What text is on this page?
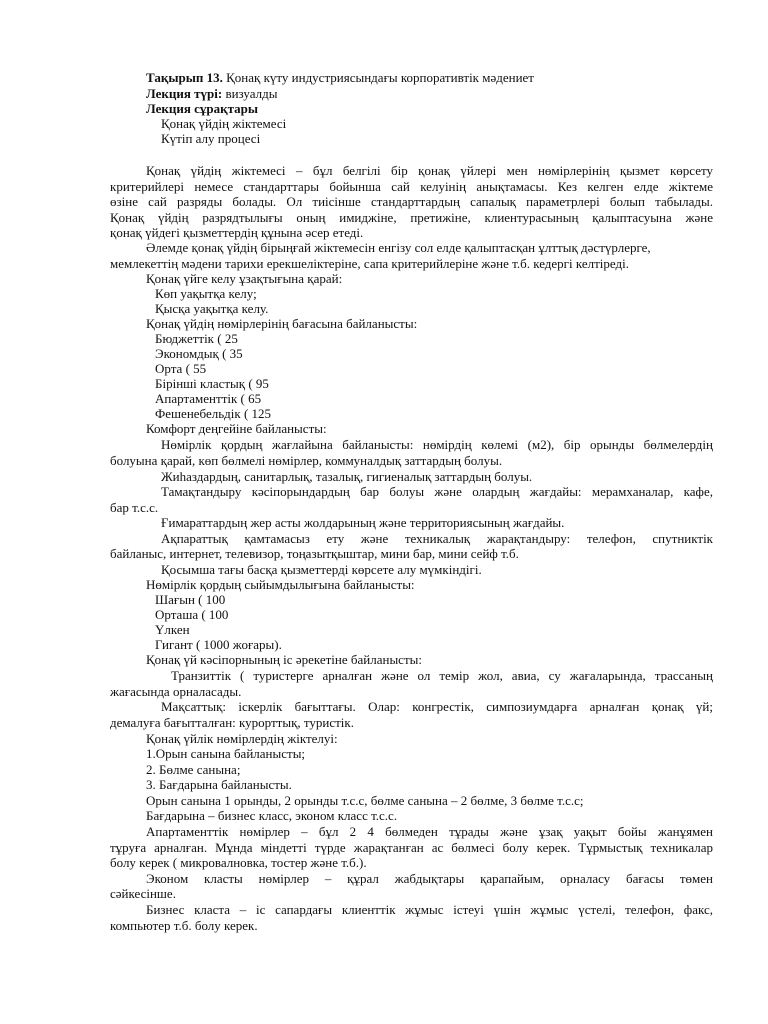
Тақырып 13. Қонақ күту индустриясындағы корпоративтік мәдениет
Лекция түрі: визуалды
Лекция сұрақтары
Қонақ үйдің жіктемесі
Күтіп алу процесі
Қонақ үйдің жіктемесі – бұл белгілі бір қонақ үйлері мен нөмірлерінің қызмет көрсету
критерийлері немесе стандарттары бойынша сай келуінің анықтамасы. Кез келген елде жіктеме
өзіне сай разряды болады. Ол тиісінше стандарттардың сапалық параметрлері болып табылады.
Қонақ үйдің разрядтылығы оның имиджіне, претижіне, клиентурасының қалыптасуына және
қонақ үйдегі қызметтердің құнына әсер етеді.
Әлемде қонақ үйдің бірыңғай жіктемесін енгізу сол елде қалыптасқан ұлттық дәстүрлерге,
мемлекеттің мәдени тарихи ерекшеліктеріне, сапа критерийлеріне және т.б. кедергі келтіреді.
Қонақ үйге келу ұзақтығына қарай:
Көп уақытқа келу;
Қысқа уақытқа келу.
Қонақ үйдің нөмірлерінің бағасына байланысты:
Бюджеттік ( 25
Экономдық ( 35
Орта ( 55
Бірінші кластық ( 95
Апартаменттік ( 65
Фешенебельдік ( 125
Комфорт деңгейіне байланысты:
Нөмірлік қордың жағлайына байланысты: нөмірдің көлемі (м2), бір орынды бөлмелердің
болуына қарай, көп бөлмелі нөмірлер, коммуналдық заттардың болуы.
Жиһаздардың, санитарлық, тазалық, гигиеналық заттардың болуы.
Тамақтандыру кәсіпорындардың бар болуы және олардың жағдайы: мерамханалар, кафе,
бар т.с.с.
Ғимараттардың жер асты жолдарының және территориясының жағдайы.
Ақпараттық қамтамасыз ету және техникалық жарақтандыру: телефон, спутниктік
байланыс, интернет, телевизор, тоңазытқыштар, мини бар, мини сейф т.б.
Қосымша тағы басқа қызметтерді көрсете алу мүмкіндігі.
Нөмірлік қордың сыйымдылығына байланысты:
Шағын ( 100
Орташа ( 100
Үлкен
Гигант ( 1000 жоғары).
Қонақ үй кәсіпорнының іс әрекетіне байланысты:
Транзиттік ( туристерге арналған және ол темір жол, авиа, су жағаларында, трассаның
жағасында орналасады.
Мақсаттық: іскерлік бағыттағы. Олар: конгрестік, симпозиумдарға арналған қонақ үй;
демалуға бағытталған: курорттық, туристік.
Қонақ үйлік нөмірлердің жіктелуі:
1.Орын санына байланысты;
2. Бөлме санына;
3. Бағдарына байланысты.
Орын санына 1 орынды, 2 орынды т.с.с, бөлме санына – 2 бөлме, 3 бөлме т.с.с;
Бағдарына – бизнес класс, эконом класс т.с.с.
Апартаменттік нөмірлер – бұл 2 4 бөлмеден тұрады және ұзақ уақыт бойы жанұямен
тұруға арналған. Мұнда міндетті түрде жарақтанған ас бөлмесі болу керек. Тұрмыстық техникалар
болу керек ( микровалновка, тостер және т.б.).
Эконом класты нөмірлер – құрал жабдықтары қарапайым, орналасу бағасы төмен
сәйкесінше.
Бизнес класта – іс сапардағы клиенттік жұмыс істеуі үшін жұмыс үстелі, телефон, факс,
компьютер т.б. болу керек.
